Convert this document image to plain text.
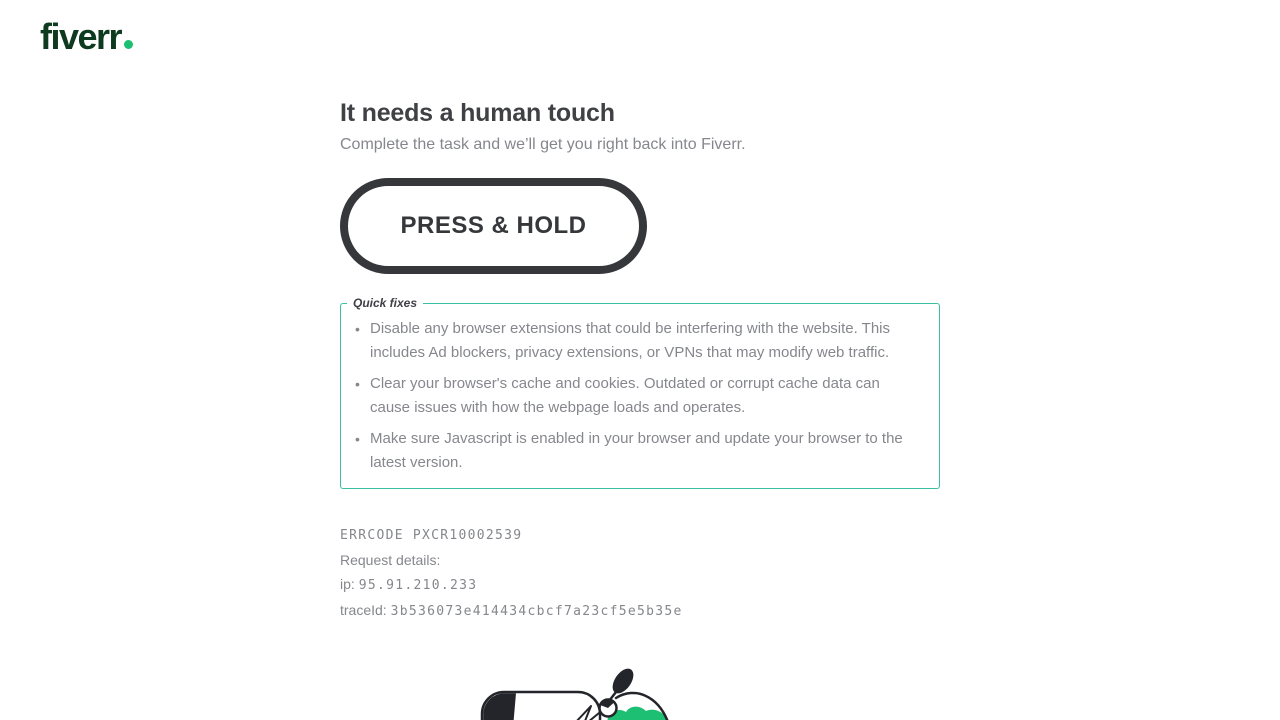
fiverr
It needs a human touch

Complete the task and we’ll get you right back into Fiverr.

PRESS & HOLD
Quick fixes
• Disable any browser extensions that could be interfering with the website. This includes Ad blockers, privacy extensions, or VPNs that may modify web traffic.
• Clear your browser's cache and cookies. Outdated or corrupt cache data can cause issues with how the webpage loads and operates.
• Make sure Javascript is enabled in your browser and update your browser to the latest version.
ERRCODE PXCR10002539
Request details:
ip: 95.91.210.233
traceId: 3b536073e414434cbcf7a23cf5e5b35e
